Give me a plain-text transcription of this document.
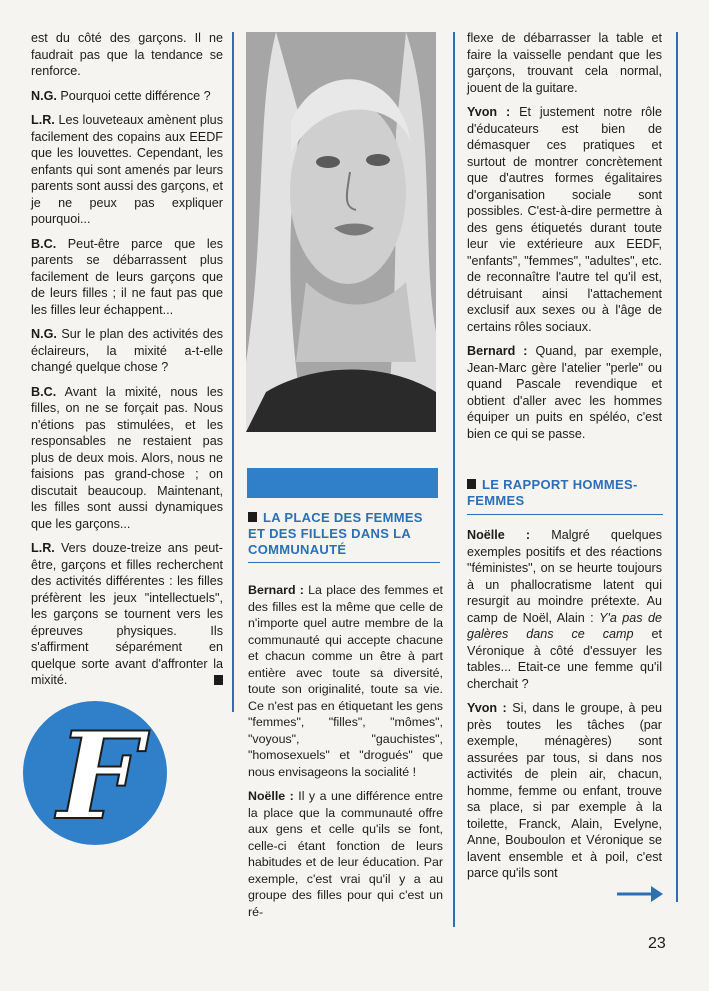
est du côté des garçons. Il ne faudrait pas que la tendance se renforce.

N.G. Pourquoi cette différence ?

L.R. Les louveteaux amènent plus facilement des copains aux EEDF que les louvettes. Cependant, les enfants qui sont amenés par leurs parents sont aussi des garçons, et je ne peux pas expliquer pourquoi...

B.C. Peut-être parce que les parents se débarrassent plus facilement de leurs garçons que de leurs filles ; il ne faut pas que les filles leur échappent...

N.G. Sur le plan des activités des éclaireurs, la mixité a-t-elle changé quelque chose ?

B.C. Avant la mixité, nous les filles, on ne se forçait pas. Nous n'étions pas stimulées, et les responsables ne restaient pas plus de deux mois. Alors, nous ne faisions pas grand-chose ; on discutait beaucoup. Maintenant, les filles sont aussi dynamiques que les garçons...

L.R. Vers douze-treize ans peut-être, garçons et filles recherchent des activités différentes : les filles préfèrent les jeux "intellectuels", les garçons se tournent vers les épreuves physiques. Ils s'affirment séparément en quelque sorte avant d'affronter la mixité.

F
LA PLACE DES FEMMES ET DES FILLES DANS LA COMMUNAUTÉ

Bernard : La place des femmes et des filles est la même que celle de n'importe quel autre membre de la communauté qui accepte chacune et chacun comme un être à part entière avec toute sa diversité, toute son originalité, toute sa vie. Ce n'est pas en étiquetant les gens "femmes", "filles", "mômes", "voyous", "gauchistes", "homosexuels" et "drogués" que nous envisageons la socialité !

Noëlle : Il y a une différence entre la place que la communauté offre aux gens et celle qu'ils se font, celle-ci étant fonction de leurs habitudes et de leur éducation. Par exemple, c'est vrai qu'il y a au groupe des filles pour qui c'est un ré-

flexe de débarrasser la table et faire la vaisselle pendant que les garçons, trouvant cela normal, jouent de la guitare.

Yvon : Et justement notre rôle d'éducateurs est bien de démasquer ces pratiques et surtout de montrer concrètement que d'autres formes égalitaires d'organisation sociale sont possibles. C'est-à-dire permettre à des gens étiquetés durant toute leur vie extérieure aux EEDF, "enfants", "femmes", "adultes", etc. de reconnaître l'autre tel qu'il est, détruisant ainsi l'attachement exclusif aux sexes ou à l'âge de certains rôles sociaux.

Bernard : Quand, par exemple, Jean-Marc gère l'atelier "perle" ou quand Pascale revendique et obtient d'aller avec les hommes équiper un puits en spéléo, c'est bien ce qui se passe.

LE RAPPORT HOMMES-FEMMES

Noëlle : Malgré quelques exemples positifs et des réactions "féministes", on se heurte toujours à un phallocratisme latent qui resurgit au moindre prétexte. Au camp de Noël, Alain : Y'a pas de galères dans ce camp et Véronique à côté d'essuyer les tables... Etait-ce une femme qu'il cherchait ?

Yvon : Si, dans le groupe, à peu près toutes les tâches (par exemple, ménagères) sont assurées par tous, si dans nos activités de plein air, chacun, homme, femme ou enfant, trouve sa place, si par exemple à la toilette, Franck, Alain, Evelyne, Anne, Bouboulon et Véronique se lavent ensemble et à poil, c'est parce qu'ils sont

23
